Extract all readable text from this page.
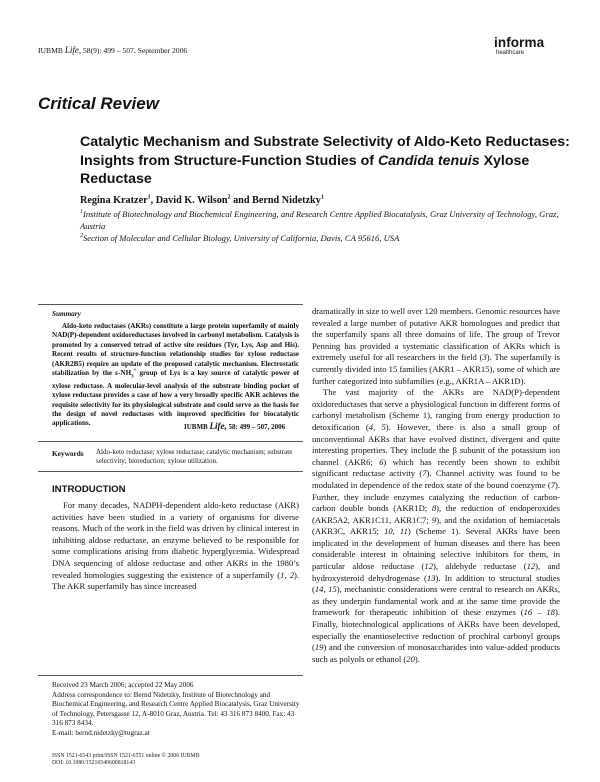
IUBMB Life, 58(9): 499 – 507, September 2006
informa
healthcare
Critical Review
Catalytic Mechanism and Substrate Selectivity of Aldo-Keto Reductases: Insights from Structure-Function Studies of Candida tenuis Xylose Reductase
Regina Kratzer$^1$, David K. Wilson$^2$ and Bernd Nidetzky$^1$
$^1$Institute of Biotechnology and Biochemical Engineering, and Research Centre Applied Biocatalysis, Graz University of Technology, Graz, Austria
$^2$Section of Molecular and Cellular Biology, University of California, Davis, CA 95616, USA
Summary
Aldo-keto reductases (AKRs) constitute a large protein superfamily of mainly NAD(P)-dependent oxidoreductases involved in carbonyl metabolism. Catalysis is promoted by a conserved tetrad of active site residues (Tyr, Lys, Asp and His). Recent results of structure-function relationship studies for xylose reductase (AKR2B5) require an update of the proposed catalytic mechanism. Electrostatic stabilization by the $\varepsilon-NH_3^+$ group of Lys is a key source of catalytic power of xylose reductase. A molecular-level analysis of the substrate binding pocket of xylose reductase provides a case of how a very broadly specific AKR achieves the requisite selectivity for its physiological substrate and could serve as the basis for the design of novel reductases with improved specificities for biocatalytic applications.	IUBMB Life, 58: 499 – 507, 2006
Keywords Aldo-keto reductase; xylose reductase; catalytic mechanism; substrate selectivity; bioreduction; xylose utilization.
INTRODUCTION

For many decades, NADPH-dependent aldo-keto reductase (AKR) activities have been studied in a variety of organisms for diverse reasons. Much of the work in the field was driven by clinical interest in inhibiting aldose reductase, an enzyme believed to be responsible for some complications arising from diabetic hyperglycemia. Widespread DNA sequencing of aldose reductase and other AKRs in the 1980’s revealed homologies suggesting the existence of a superfamily (1, 2). The AKR superfamily has since increased

dramatically in size to well over 120 members. Genomic resources have revealed a large number of putative AKR homologues and predict that the superfamily spans all three domains of life. The group of Trevor Penning has provided a systematic classification of AKRs which is extremely useful for all researchers in the field (3). The superfamily is currently divided into 15 families (AKR1 – AKR15), some of which are further categorized into subfamilies (e.g., AKR1A – AKR1D).

The vast majority of the AKRs are NAD(P)-dependent oxidoreductases that serve a physiological function in different forms of carbonyl metabolism (Scheme 1), ranging from energy production to detoxification (4, 5). However, there is also a small group of unconventional AKRs that have evolved distinct, divergent and quite interesting properties. They include the β subunit of the potassium ion channel (AKR6; 6) which has recently been shown to exhibit significant reductase activity (7). Channel activity was found to be modulated in dependence of the redox state of the bound coenzyme (7). Further, they include enzymes catalyzing the reduction of carbon-carbon double bonds (AKR1D; 8), the reduction of endoperoxides (AKR5A2, AKR1C11, AKR1C7; 9), and the oxidation of hemiacetals (AKR3C, AKR15; 10, 11) (Scheme 1). Several AKRs have been implicated in the development of human diseases and there has been considerable interest in obtaining selective inhibitors for them, in particular aldose reductase (12), aldehyde reductase (12), and hydroxysteroid dehydrogenase (13). In addition to structural studies (14, 15), mechanistic considerations were central to research on AKRs, as they underpin fundamental work and at the same time provide the framework for therapeutic inhibition of these enzymes (16 – 18). Finally, biotechnological applications of AKRs have been developed, especially the enantioselective reduction of prochiral carbonyl groups (19) and the conversion of monosaccharides into value-added products such as polyols or ethanol (20).

Received 23 March 2006; accepted 22 May 2006
Address correspondence to: Bernd Nidetzky, Institute of Biotechnology and Biochemical Engineering, and Research Centre Applied Biocatalysis, Graz University of Technology, Petersgasse 12, A-8010 Graz, Austria. Tel: 43 316 873 8400. Fax: 43 316 873 8434.
E-mail: bernd.nidetzky@tugraz.at
ISSN 1521-6543 print/ISSN 1521-6551 online © 2006 IUBMB
DOI: 10.1080/15216540600818143
